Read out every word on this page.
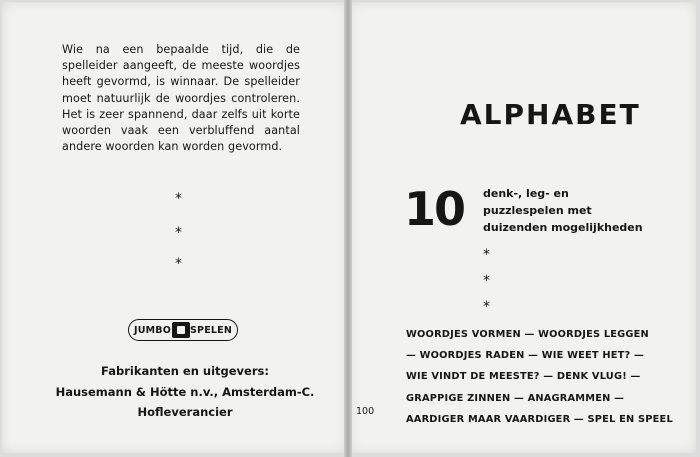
Wie na een bepaalde tijd, die de spelleider aangeeft, de meeste woordjes heeft gevormd, is winnaar. De spelleider moet natuurlijk de woordjes controleren. Het is zeer spannend, daar zelfs uit korte woorden vaak een verbluffend aantal andere woorden kan worden gevormd.
*
*
*
JUMBO SPELEN
Fabrikanten en uitgevers:
Hausemann & Hötte n.v., Amsterdam-C.
Hofleverancier
ALPHABET
10 denk-, leg- en
puzzlespelen met
duizenden mogelijkheden
*
*
*
WOORDJES VORMEN — WOORDJES LEGGEN
— WOORDJES RADEN — WIE WEET HET? —
WIE VINDT DE MEESTE? — DENK VLUG! —
GRAPPIGE ZINNEN — ANAGRAMMEN —
AARDIGER MAAR VAARDIGER — SPEL EN SPEEL
100
